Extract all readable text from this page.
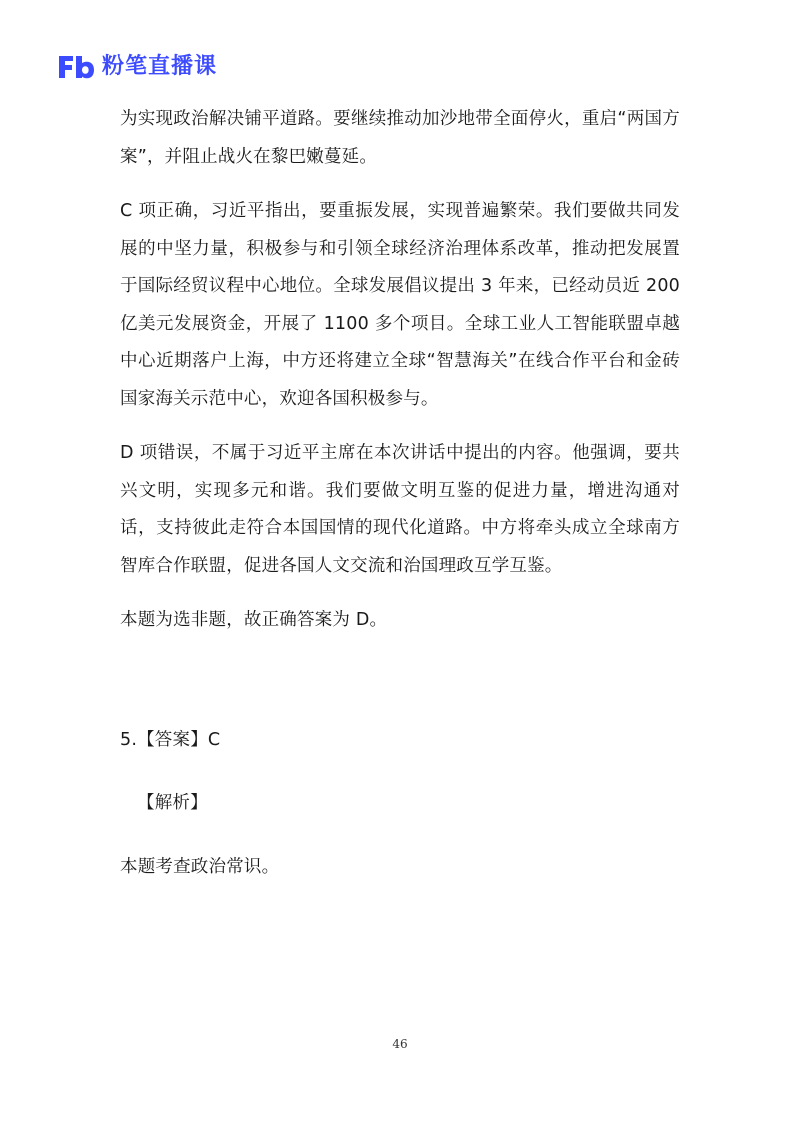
粉笔直播课

为实现政治解决铺平道路。要继续推动加沙地带全面停火，重启“两国方案”，并阻止战火在黎巴嫩蔓延。

C 项正确，习近平指出，要重振发展，实现普遍繁荣。我们要做共同发展的中坚力量，积极参与和引领全球经济治理体系改革，推动把发展置于国际经贸议程中心地位。全球发展倡议提出 3 年来，已经动员近 200 亿美元发展资金，开展了 1100 多个项目。全球工业人工智能联盟卓越中心近期落户上海，中方还将建立全球“智慧海关”在线合作平台和金砖国家海关示范中心，欢迎各国积极参与。

D 项错误，不属于习近平主席在本次讲话中提出的内容。他强调，要共兴文明，实现多元和谐。我们要做文明互鉴的促进力量，增进沟通对话，支持彼此走符合本国国情的现代化道路。中方将牵头成立全球南方智库合作联盟，促进各国人文交流和治国理政互学互鉴。

本题为选非题，故正确答案为 D。

5.【答案】C

【解析】

本题考查政治常识。

46
